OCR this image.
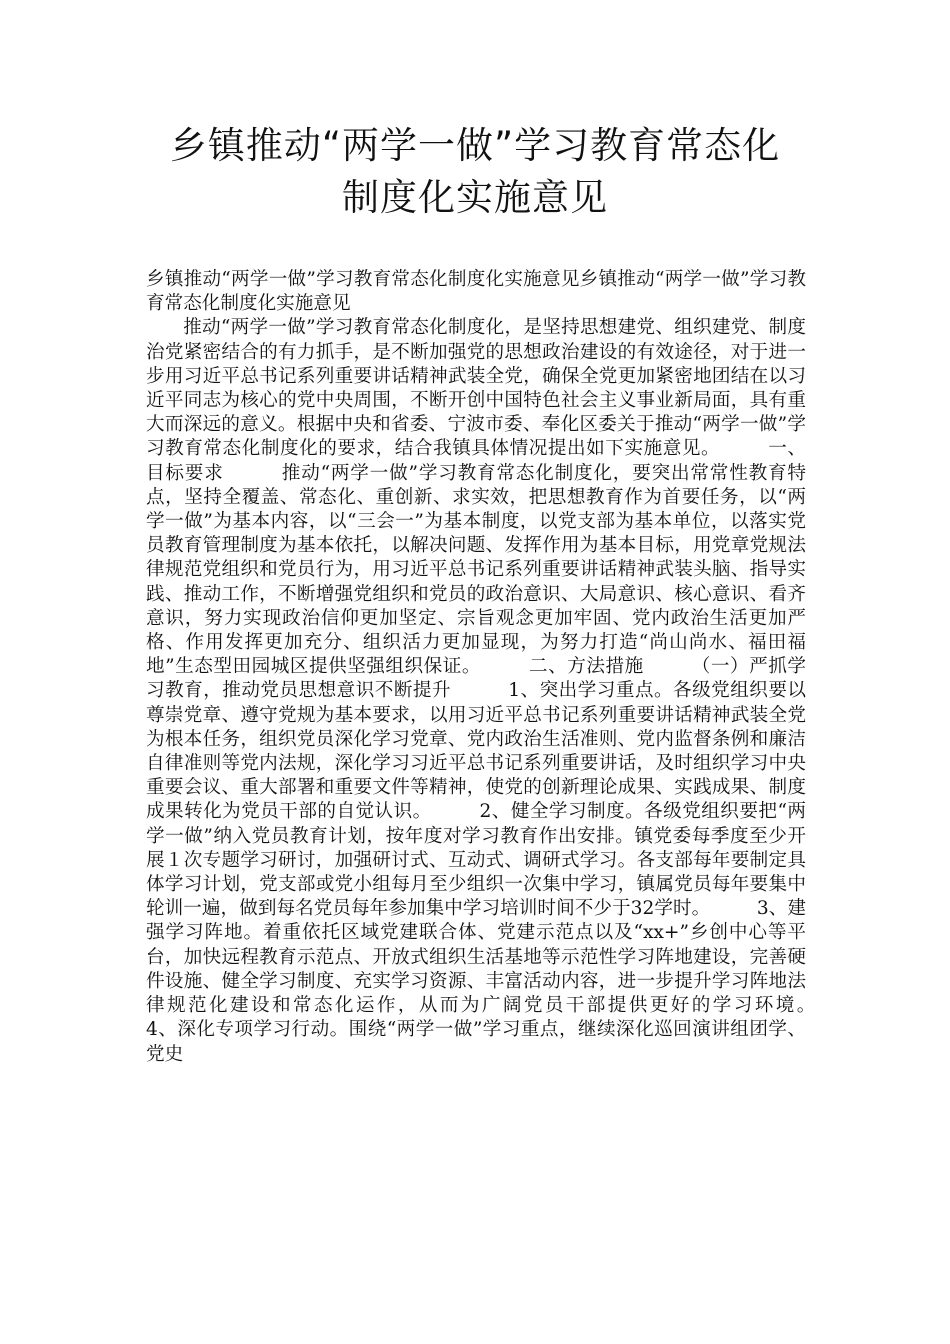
乡镇推动“两学一做”学习教育常态化
制度化实施意见

乡镇推动“两学一做”学习教育常态化制度化实施意见乡镇推动“两学一做”学习教育常态化制度化实施意见

推动“两学一做”学习教育常态化制度化，是坚持思想建党、组织建党、制度治党紧密结合的有力抓手，是不断加强党的思想政治建设的有效途径，对于进一步用习近平总书记系列重要讲话精神武装全党，确保全党更加紧密地团结在以习近平同志为核心的党中央周围，不断开创中国特色社会主义事业新局面，具有重大而深远的意义。根据中央和省委、宁波市委、奉化区委关于推动“两学一做”学习教育常态化制度化的要求，结合我镇具体情况提出如下实施意见。　　　一、目标要求　　　推动“两学一做”学习教育常态化制度化，要突出常常性教育特点，坚持全覆盖、常态化、重创新、求实效，把思想教育作为首要任务，以“两学一做”为基本内容，以“三会一”为基本制度，以党支部为基本单位，以落实党员教育管理制度为基本依托，以解决问题、发挥作用为基本目标，用党章党规法律规范党组织和党员行为，用习近平总书记系列重要讲话精神武装头脑、指导实践、推动工作，不断增强党组织和党员的政治意识、大局意识、核心意识、看齐意识，努力实现政治信仰更加坚定、宗旨观念更加牢固、党内政治生活更加严格、作用发挥更加充分、组织活力更加显现，为努力打造“尚山尚水、福田福地”生态型田园城区提供坚强组织保证。　　　二、方法措施　　　（一）严抓学习教育，推动党员思想意识不断提升　　　1、突出学习重点。各级党组织要以尊崇党章、遵守党规为基本要求，以用习近平总书记系列重要讲话精神武装全党为根本任务，组织党员深化学习党章、党内政治生活准则、党内监督条例和廉洁自律准则等党内法规，深化学习习近平总书记系列重要讲话，及时组织学习中央重要会议、重大部署和重要文件等精神，使党的创新理论成果、实践成果、制度成果转化为党员干部的自觉认识。　　　2、健全学习制度。各级党组织要把“两学一做”纳入党员教育计划，按年度对学习教育作出安排。镇党委每季度至少开展１次专题学习研讨，加强研讨式、互动式、调研式学习。各支部每年要制定具体学习计划，党支部或党小组每月至少组织一次集中学习，镇属党员每年要集中轮训一遍，做到每名党员每年参加集中学习培训时间不少于32学时。　　　3、建强学习阵地。着重依托区域党建联合体、党建示范点以及“xx+”乡创中心等平台，加快远程教育示范点、开放式组织生活基地等示范性学习阵地建设，完善硬件设施、健全学习制度、充实学习资源、丰富活动内容，进一步提升学习阵地法律规范化建设和常态化运作，从而为广阔党员干部提供更好的学习环境。　　　4、深化专项学习行动。围绕“两学一做”学习重点，继续深化巡回演讲组团学、党史
